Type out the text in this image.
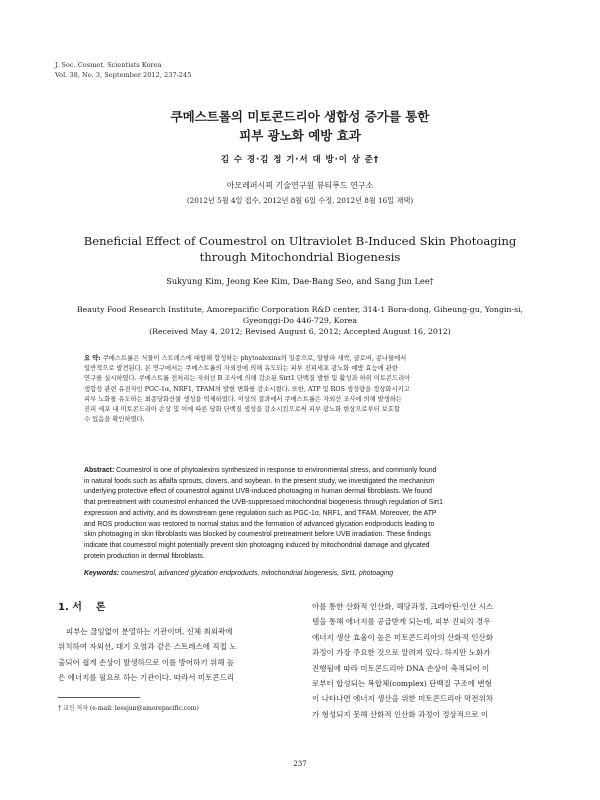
J. Soc. Cosmet. Scientists Korea
Vol. 38, No. 3, September 2012, 237-245
쿠메스트롤의 미토콘드리아 생합성 증가를 통한
피부 광노화 예방 효과
김 수 경·김 정 기·서 대 방·이 상 준†
아모레퍼시픽 기술연구원 뷰티푸드 연구소
(2012년 5월 4일 접수, 2012년 8월 6일 수정, 2012년 8월 16일 채택)
Beneficial Effect of Coumestrol on Ultraviolet B-Induced Skin Photoaging
through Mitochondrial Biogenesis
Sukyung Kim, Jeong Kee Kim, Dae-Bang Seo, and Sang Jun Lee†
Beauty Food Research Institute, Amorepacific Corporation R&D center, 314-1 Bora-dong, Giheung-gu, Yongin-si,
Gyeonggi-Do 446-729, Korea
(Received May 4, 2012; Revised August 6, 2012; Accepted August 16, 2012)
요 약: 쿠메스트롤은 식물이 스트레스에 대항해 합성하는 phytoalexins의 일종으로, 알팔파 새싹, 클로버, 콩나물에서
일반적으로 발견된다. 본 연구에서는 쿠메스트롤의 자외선에 의해 유도되는 피부 진피세포 광노화 예방 효능에 관한
연구를 실시하였다. 쿠메스트롤 전처리는 자외선 B 조사에 의해 감소된 Sirt1 단백질 발현 및 활성과 하위 미토콘드리아
생합성 관련 유전자인 PGC-1α, NRF1, TFAM의 발현 변화를 감소시켰다. 또한, ATP 및 ROS 생성량을 정상화시키고
피부 노화를 유도하는 최종당화산물 생성을 억제하였다. 이상의 결과에서 쿠메스트롤은 자외선 조사에 의해 발생하는
진피 세포 내 미토콘드리아 손상 및 이에 따른 당화 단백질 생성을 감소시킴으로써 피부 광노화 현상으로부터 보호할
수 있음을 확인하였다.
Abstract: Coumestrol is one of phytoalexins synthesized in response to environmental stress, and commonly found
in natural foods such as alfalfa sprouts, clovers, and soybean. In the present study, we investigated the mechanism
underlying protective effect of coumestrol against UVB-induced photoaging in human dermal fibroblasts. We found
that pretreatment with coumestrol enhanced the UVB-suppressed mitochondrial biogenesis through regulation of Sirt1
expression and activity, and its downstream gene regulation such as PGC-1α, NRF1, and TFAM. Moreover, the ATP
and ROS production was restored to normal status and the formation of advanced glycation endproducts leading to
skin photoaging in skin fibroblasts was blocked by coumestrol pretreatment before UVB irradiation. These findings
indicate that coumestrol might potentially prevent skin photoaging induced by mitochondrial damage and glycated
protein production in dermal fibroblasts.
Keywords: coumestrol, advanced glycation endproducts, mitochondrial biogenesis, Sirt1, photoaging
1. 서    론
피부는 끊임없이 분열하는 기관이며, 신체 최외곽에
위치하여 자외선, 대기 오염과 같은 스트레스에 직접 노
출되어 쉽게 손상이 발생하므로 이를 방어하기 위해 높
은 에너지를 필요로 하는 기관이다. 따라서 미토콘드리
아를 통한 산화적 인산화, 해당과정, 크레아틴-인산 시스
템을 통해 에너지를 공급받게 되는데, 피부 진피의 경우
에너지 생산 효율이 높은 미토콘드리아의 산화적 인산화
과정이 가장 주요한 것으로 알려져 있다. 하지만 노화가
진행됨에 따라 미토콘드리아 DNA 손상이 축적되어 이
로부터 합성되는 복합체(complex) 단백질 구조에 변형
이 나타나면 에너지 생산을 위한 미토콘드리아 막전위차
가 형성되지 못해 산화적 인산화 과정이 정상적으로 이
† 교신 저자 (e-mail: leesjun@amorepacific.com)
237
